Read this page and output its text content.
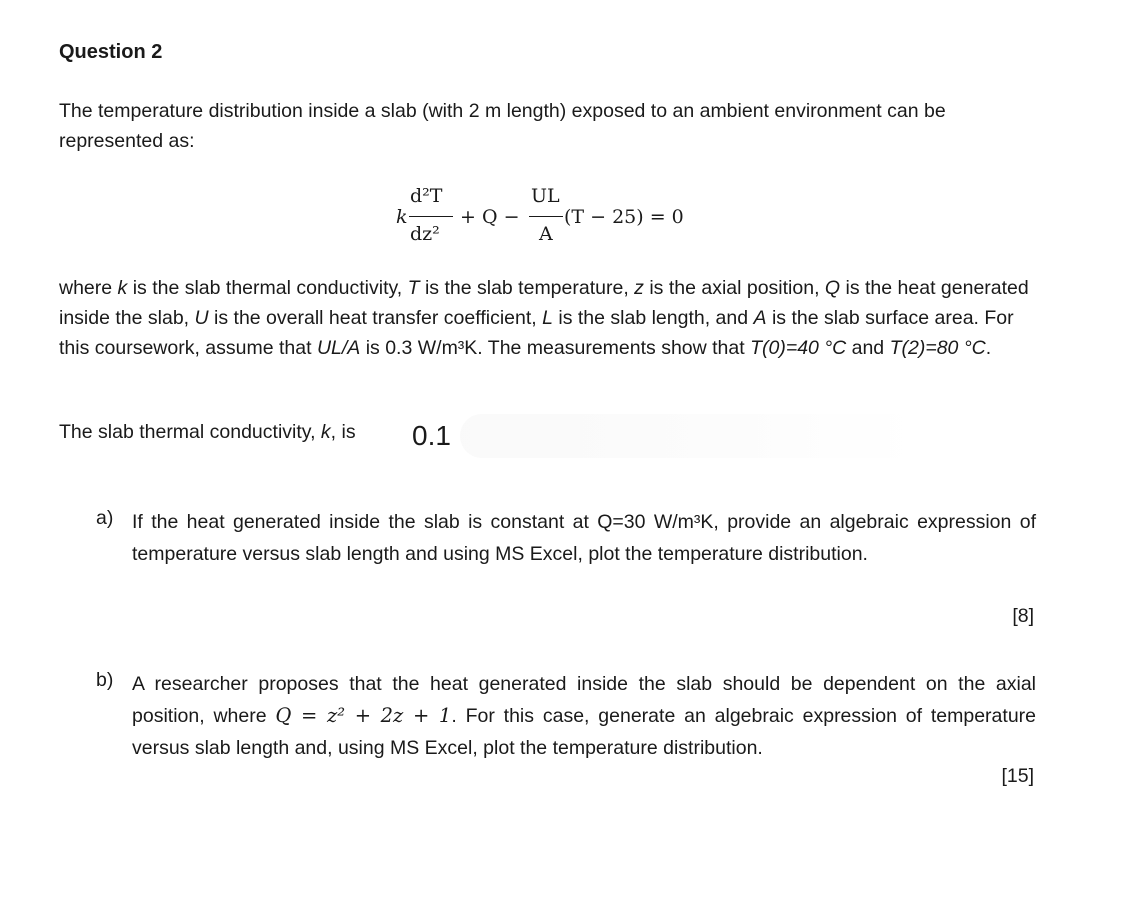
Question 2
The temperature distribution inside a slab (with 2 m length) exposed to an ambient environment can be represented as:
k
d²T
dz²
+ Q −
UL
A
(T − 25) = 0
where k is the slab thermal conductivity, T is the slab temperature, z is the axial position, Q is the heat generated inside the slab, U is the overall heat transfer coefficient, L is the slab length, and A is the slab surface area. For this coursework, assume that UL/A is 0.3 W/m³K. The measurements show that T(0)=40 °C and T(2)=80 °C.
The slab thermal conductivity, k, is 0.1
a) If the heat generated inside the slab is constant at Q=30 W/m³K, provide an algebraic expression of temperature versus slab length and using MS Excel, plot the temperature distribution.
[8]
b) A researcher proposes that the heat generated inside the slab should be dependent on the axial position, where Q = z² + 2z + 1. For this case, generate an algebraic expression of temperature versus slab length and, using MS Excel, plot the temperature distribution.
[15]
